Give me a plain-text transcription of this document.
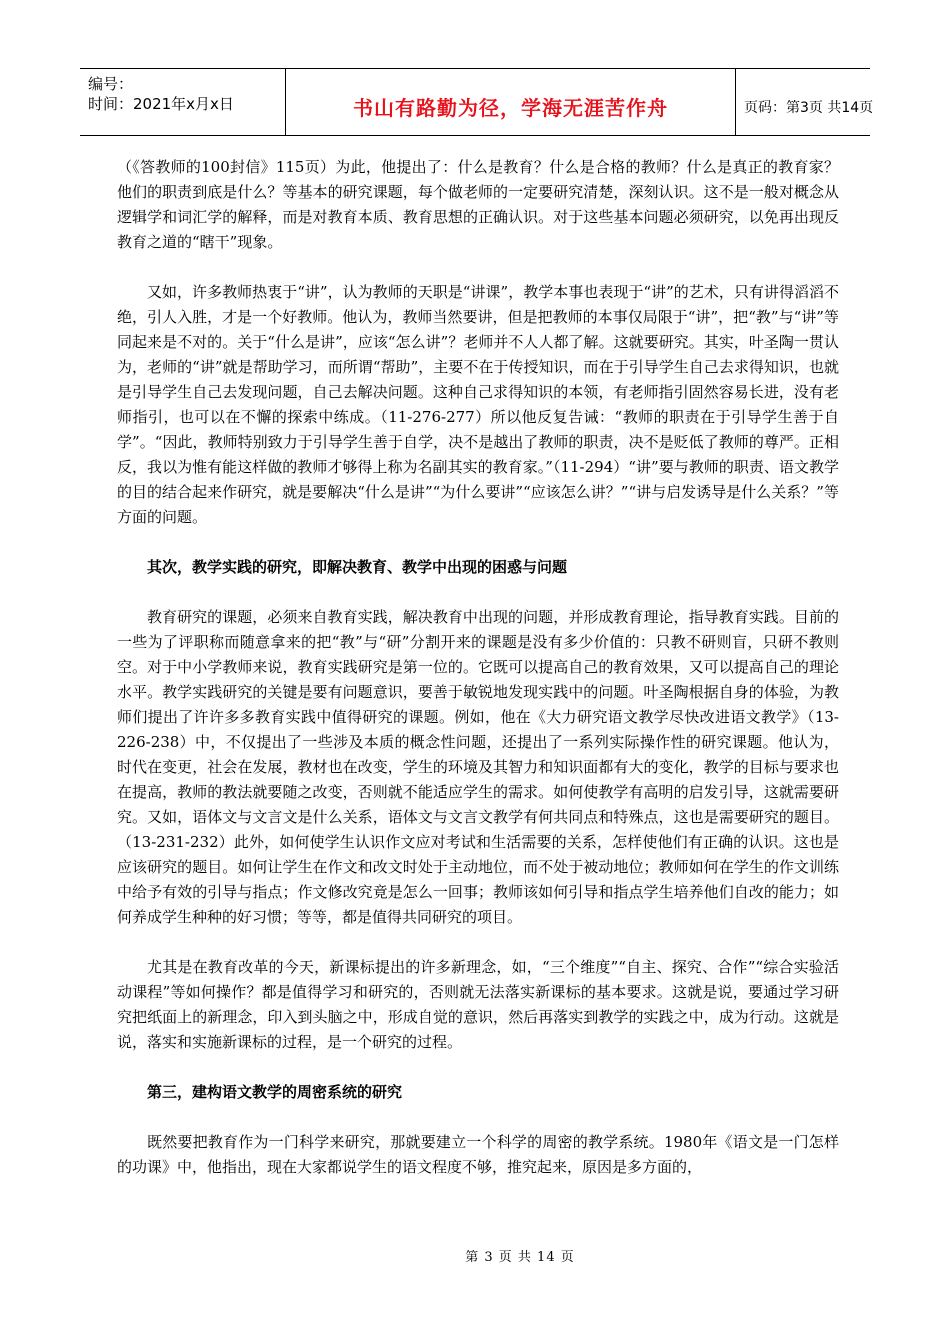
编号：
时间：2021年x月x日	书山有路勤为径，学海无涯苦作舟	页码：第3页 共14页

（《答教师的100封信》115页）为此，他提出了：什么是教育？什么是合格的教师？什么是真正的教育家？他们的职责到底是什么？等基本的研究课题，每个做老师的一定要研究清楚，深刻认识。这不是一般对概念从逻辑学和词汇学的解释，而是对教育本质、教育思想的正确认识。对于这些基本问题必须研究，以免再出现反教育之道的“瞎干”现象。

又如，许多教师热衷于“讲”，认为教师的天职是“讲课”，教学本事也表现于“讲”的艺术，只有讲得滔滔不绝，引人入胜，才是一个好教师。他认为，教师当然要讲，但是把教师的本事仅局限于“讲”，把“教”与“讲”等同起来是不对的。关于“什么是讲”，应该“怎么讲”？老师并不人人都了解。这就要研究。其实，叶圣陶一贯认为，老师的“讲”就是帮助学习，而所谓“帮助”，主要不在于传授知识，而在于引导学生自己去求得知识，也就是引导学生自己去发现问题，自己去解决问题。这种自己求得知识的本领，有老师指引固然容易长进，没有老师指引，也可以在不懈的探索中练成。（11-276-277）所以他反复告诫：“教师的职责在于引导学生善于自学”。“因此，教师特别致力于引导学生善于自学，决不是越出了教师的职责，决不是贬低了教师的尊严。正相反，我以为惟有能这样做的教师才够得上称为名副其实的教育家。”（11-294）“讲”要与教师的职责、语文教学的目的结合起来作研究，就是要解决“什么是讲”“为什么要讲”“应该怎么讲？”“讲与启发诱导是什么关系？”等方面的问题。

其次，教学实践的研究，即解决教育、教学中出现的困惑与问题

教育研究的课题，必须来自教育实践，解决教育中出现的问题，并形成教育理论，指导教育实践。目前的一些为了评职称而随意拿来的把“教”与“研”分割开来的课题是没有多少价值的：只教不研则盲，只研不教则空。对于中小学教师来说，教育实践研究是第一位的。它既可以提高自己的教育效果，又可以提高自己的理论水平。教学实践研究的关键是要有问题意识，要善于敏锐地发现实践中的问题。叶圣陶根据自身的体验，为教师们提出了许许多多教育实践中值得研究的课题。例如，他在《大力研究语文教学尽快改进语文教学》（13-226-238）中，不仅提出了一些涉及本质的概念性问题，还提出了一系列实际操作性的研究课题。他认为，时代在变更，社会在发展，教材也在改变，学生的环境及其智力和知识面都有大的变化，教学的目标与要求也在提高，教师的教法就要随之改变，否则就不能适应学生的需求。如何使教学有高明的启发引导，这就需要研究。又如，语体文与文言文是什么关系，语体文与文言文教学有何共同点和特殊点，这也是需要研究的题目。（13-231-232）此外，如何使学生认识作文应对考试和生活需要的关系，怎样使他们有正确的认识。这也是应该研究的题目。如何让学生在作文和改文时处于主动地位，而不处于被动地位；教师如何在学生的作文训练中给予有效的引导与指点；作文修改究竟是怎么一回事；教师该如何引导和指点学生培养他们自改的能力；如何养成学生种种的好习惯；等等，都是值得共同研究的项目。

尤其是在教育改革的今天，新课标提出的许多新理念，如，“三个维度”“自主、探究、合作”“综合实验活动课程”等如何操作？都是值得学习和研究的，否则就无法落实新课标的基本要求。这就是说，要通过学习研究把纸面上的新理念，印入到头脑之中，形成自觉的意识，然后再落实到教学的实践之中，成为行动。这就是说，落实和实施新课标的过程，是一个研究的过程。

第三，建构语文教学的周密系统的研究

既然要把教育作为一门科学来研究，那就要建立一个科学的周密的教学系统。1980年《语文是一门怎样的功课》中，他指出，现在大家都说学生的语文程度不够，推究起来，原因是多方面的，

第 3 页 共 14 页
